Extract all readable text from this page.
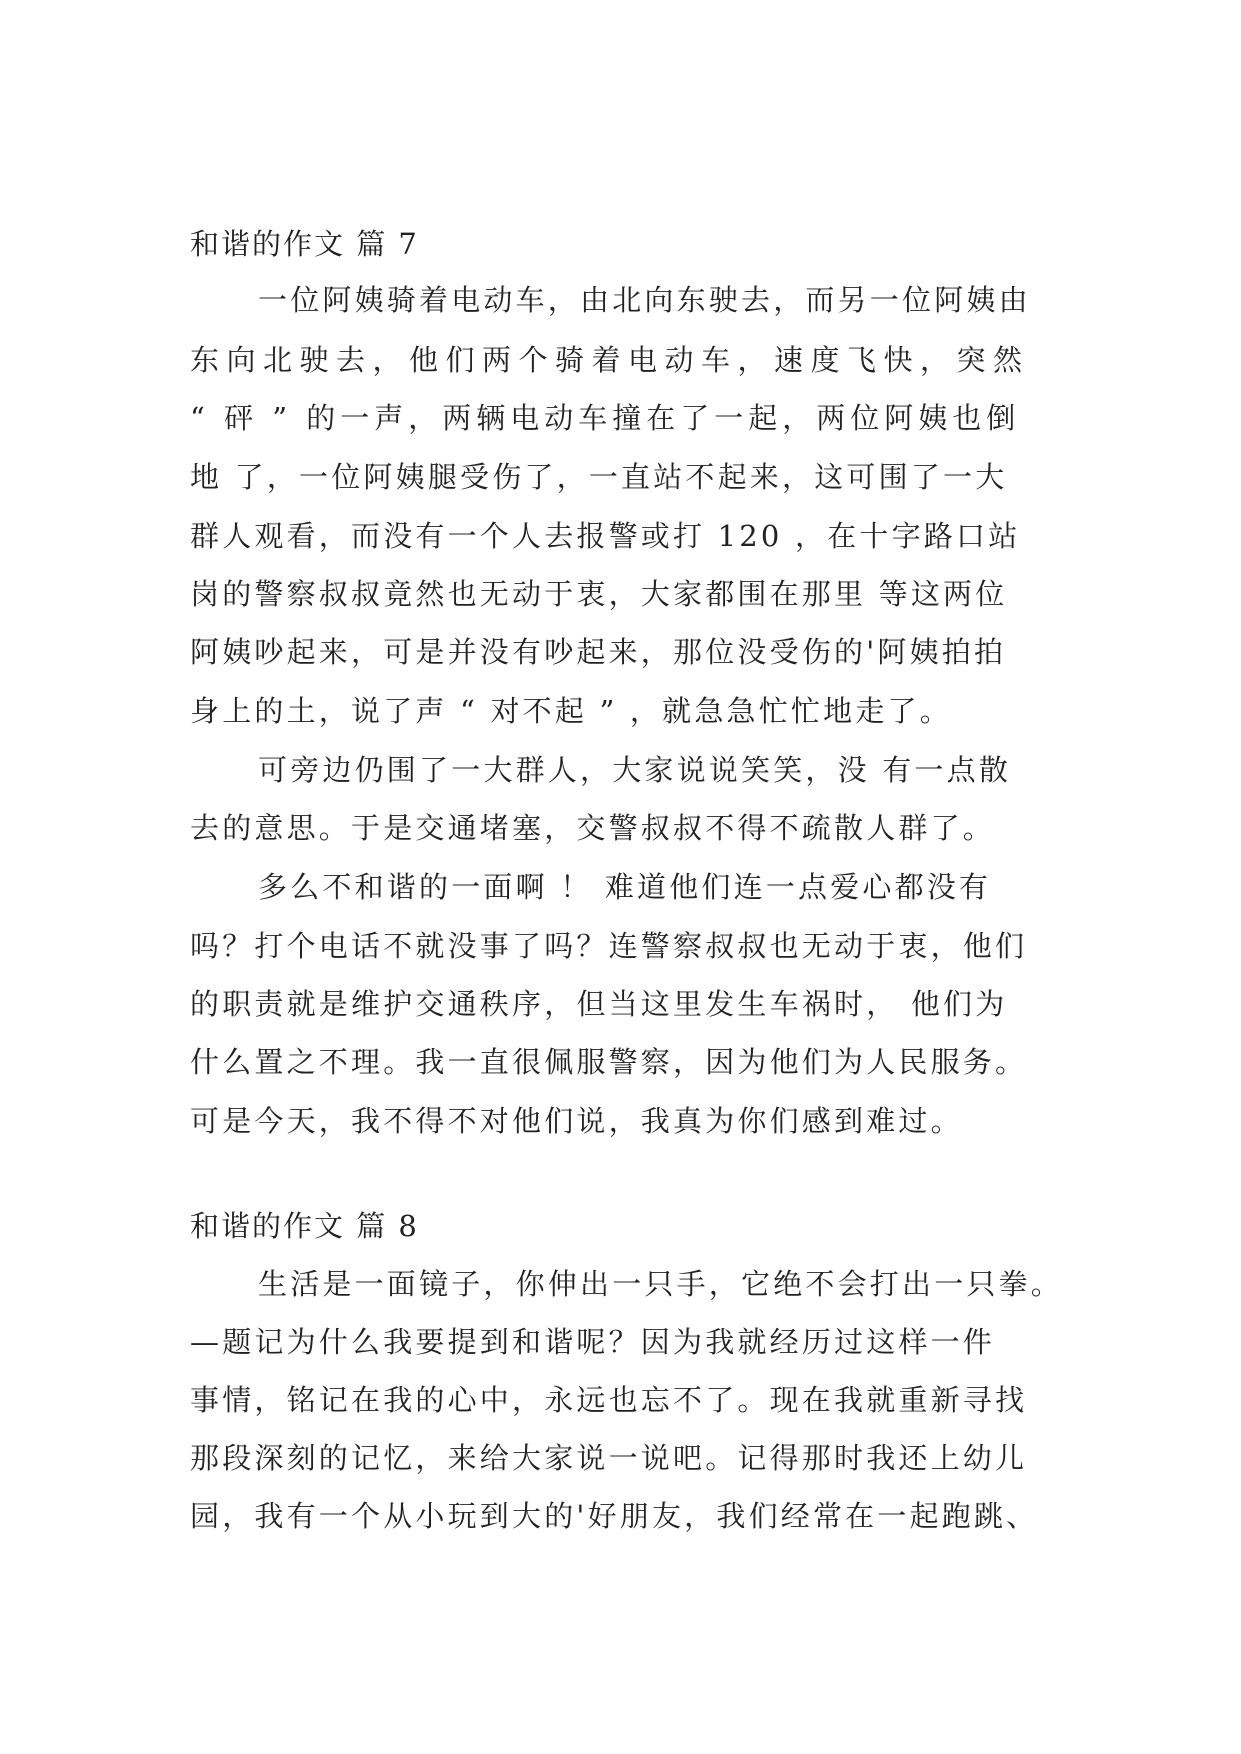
和谐的作文 篇 7
一位阿姨骑着电动车，由北向东驶去，而另一位阿姨由
东向北驶去，他们两个骑着电动车，速度飞快，突然
“ 砰 ” 的一声，两辆电动车撞在了一起，两位阿姨也倒
地 了，一位阿姨腿受伤了，一直站不起来，这可围了一大
群人观看，而没有一个人去报警或打 120 ，在十字路口站
岗的警察叔叔竟然也无动于衷，大家都围在那里 等这两位
阿姨吵起来，可是并没有吵起来，那位没受伤的'阿姨拍拍
身上的土，说了声 “ 对不起 ” ，就急急忙忙地走了。
可旁边仍围了一大群人，大家说说笑笑，没 有一点散
去的意思。于是交通堵塞，交警叔叔不得不疏散人群了。
多么不和谐的一面啊 ！ 难道他们连一点爱心都没有
吗？打个电话不就没事了吗？连警察叔叔也无动于衷，他们
的职责就是维护交通秩序，但当这里发生车祸时， 他们为
什么置之不理。我一直很佩服警察，因为他们为人民服务。
可是今天，我不得不对他们说，我真为你们感到难过。
和谐的作文 篇 8
生活是一面镜子，你伸出一只手，它绝不会打出一只拳。
—题记为什么我要提到和谐呢？因为我就经历过这样一件
事情，铭记在我的心中，永远也忘不了。现在我就重新寻找
那段深刻的记忆，来给大家说一说吧。记得那时我还上幼儿
园，我有一个从小玩到大的'好朋友，我们经常在一起跑跳、
